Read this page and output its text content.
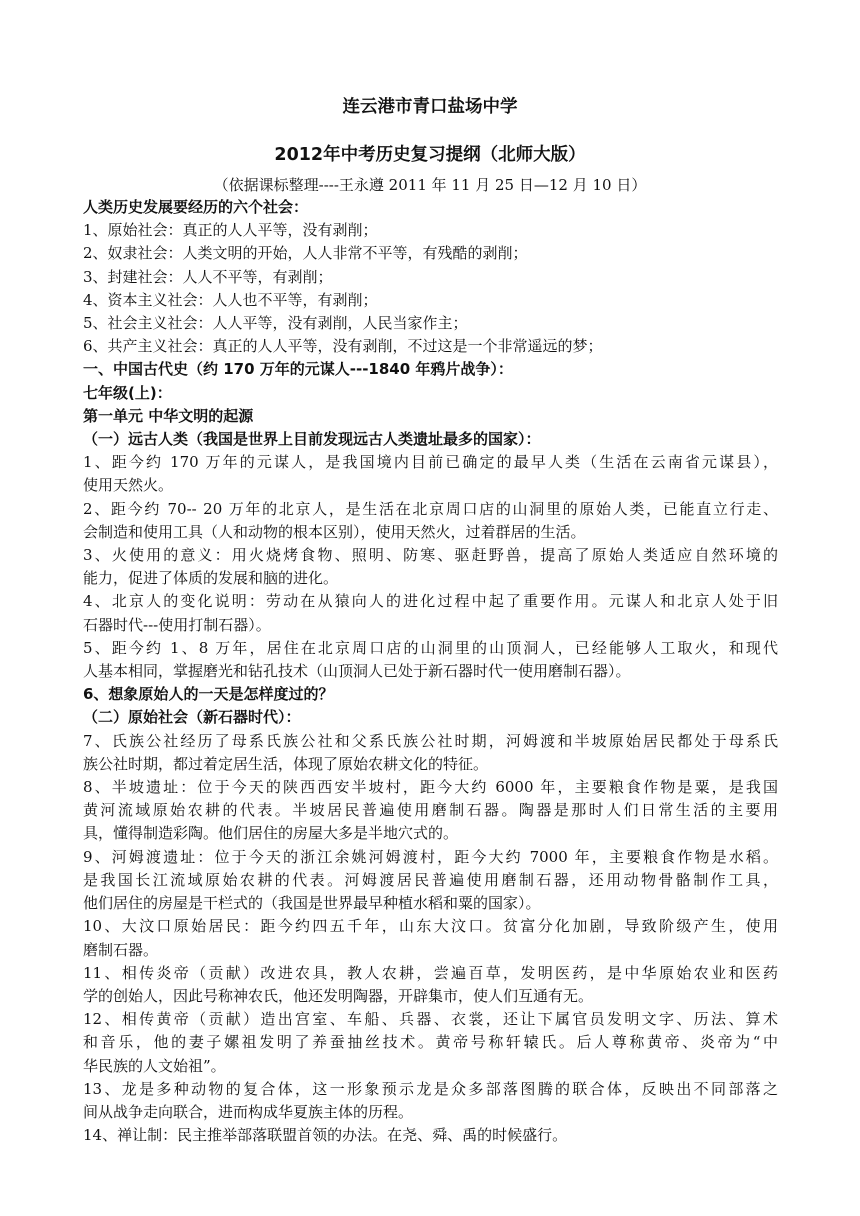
连云港市青口盐场中学
2012年中考历史复习提纲（北师大版）
（依据课标整理----王永遵 2011 年 11 月 25 日—12 月 10 日）

人类历史发展要经历的六个社会：

1、原始社会：真正的人人平等，没有剥削；

2、奴隶社会：人类文明的开始，人人非常不平等，有残酷的剥削；

3、封建社会：人人不平等，有剥削；

4、资本主义社会：人人也不平等，有剥削；

5、社会主义社会：人人平等，没有剥削，人民当家作主；

6、共产主义社会：真正的人人平等，没有剥削，不过这是一个非常遥远的梦；

一、中国古代史（约 170 万年的元谋人---1840 年鸦片战争）：

七年级(上)：

第一单元 中华文明的起源

（一）远古人类（我国是世界上目前发现远古人类遗址最多的国家）：

1、距今约 170 万年的元谋人，是我国境内目前已确定的最早人类（生活在云南省元谋县），

使用天然火。

2、距今约 70-- 20 万年的北京人，是生活在北京周口店的山洞里的原始人类，已能直立行走、

会制造和使用工具（人和动物的根本区别），使用天然火，过着群居的生活。

3、火使用的意义：用火烧烤食物、照明、防寒、驱赶野兽，提高了原始人类适应自然环境的

能力，促进了体质的发展和脑的进化。

4、北京人的变化说明：劳动在从猿向人的进化过程中起了重要作用。元谋人和北京人处于旧

石器时代---使用打制石器）。

5、距今约 1、8 万年，居住在北京周口店的山洞里的山顶洞人，已经能够人工取火，和现代

人基本相同，掌握磨光和钻孔技术（山顶洞人已处于新石器时代一使用磨制石器）。

6、想象原始人的一天是怎样度过的？

（二）原始社会（新石器时代）：

7、氏族公社经历了母系氏族公社和父系氏族公社时期，河姆渡和半坡原始居民都处于母系氏

族公社时期，都过着定居生活，体现了原始农耕文化的特征。

8、半坡遗址：位于今天的陕西西安半坡村，距今大约 6000 年，主要粮食作物是粟，是我国

黄河流域原始农耕的代表。半坡居民普遍使用磨制石器。陶器是那时人们日常生活的主要用

具，懂得制造彩陶。他们居住的房屋大多是半地穴式的。

9、河姆渡遗址：位于今天的浙江余姚河姆渡村，距今大约 7000 年，主要粮食作物是水稻。

是我国长江流域原始农耕的代表。河姆渡居民普遍使用磨制石器，还用动物骨骼制作工具，

他们居住的房屋是干栏式的（我国是世界最早种植水稻和粟的国家）。

10、大汶口原始居民：距今约四五千年，山东大汶口。贫富分化加剧，导致阶级产生，使用

磨制石器。

11、相传炎帝（贡献）改进农具，教人农耕，尝遍百草，发明医药，是中华原始农业和医药

学的创始人，因此号称神农氏，他还发明陶器，开辟集市，使人们互通有无。

12、相传黄帝（贡献）造出宫室、车船、兵器、衣裳，还让下属官员发明文字、历法、算术

和音乐，他的妻子嫘祖发明了养蚕抽丝技术。黄帝号称轩辕氏。后人尊称黄帝、炎帝为“中

华民族的人文始祖”。

13、龙是多种动物的复合体，这一形象预示龙是众多部落图腾的联合体，反映出不同部落之

间从战争走向联合，进而构成华夏族主体的历程。

14、禅让制：民主推举部落联盟首领的办法。在尧、舜、禹的时候盛行。
